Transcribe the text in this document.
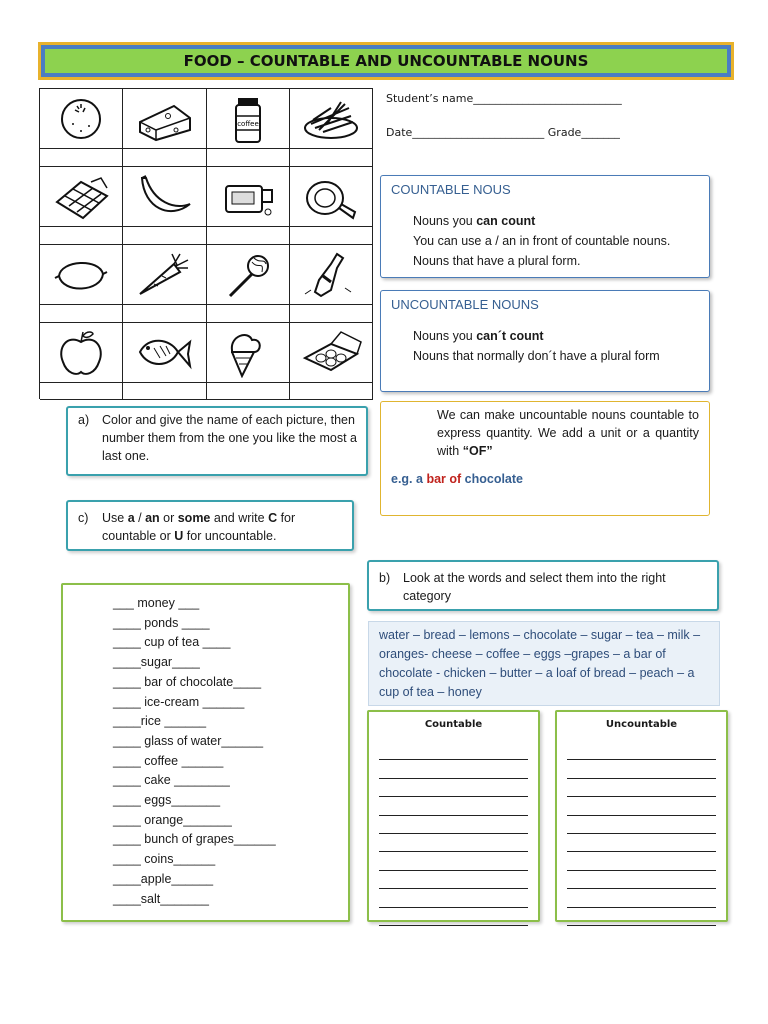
FOOD – COUNTABLE AND UNCOUNTABLE NOUNS
coffee
Student’s name___________________________
Date________________________ Grade_______
COUNTABLE NOUS
Nouns you can count
You can use a / an in front of countable nouns.
Nouns that have a plural form.
UNCOUNTABLE NOUNS
Nouns you can´t count
Nouns that normally don´t have a plural form
a)	Color and give the name of each picture, then number them from the one you like the most a last one.
We can make uncountable nouns countable to express quantity. We add a unit or a quantity with “OF”
e.g. a bar of chocolate
c)	Use a / an or some and write C for countable or U for uncountable.
b)	Look at the words and select them into the right category
water – bread – lemons – chocolate – sugar – tea – milk – oranges- cheese – coffee – eggs –grapes – a bar of chocolate - chicken – butter – a loaf of bread – peach – a cup of tea – honey
___ money ___
____ ponds ____
____ cup of tea ____
____sugar____
____ bar of chocolate____
____ ice-cream ______
____rice ______
____ glass of water______
____ coffee ______
____ cake ________
____ eggs_______
____ orange_______
____ bunch of grapes______
____ coins______
____apple______
____salt_______
Countable	Uncountable
